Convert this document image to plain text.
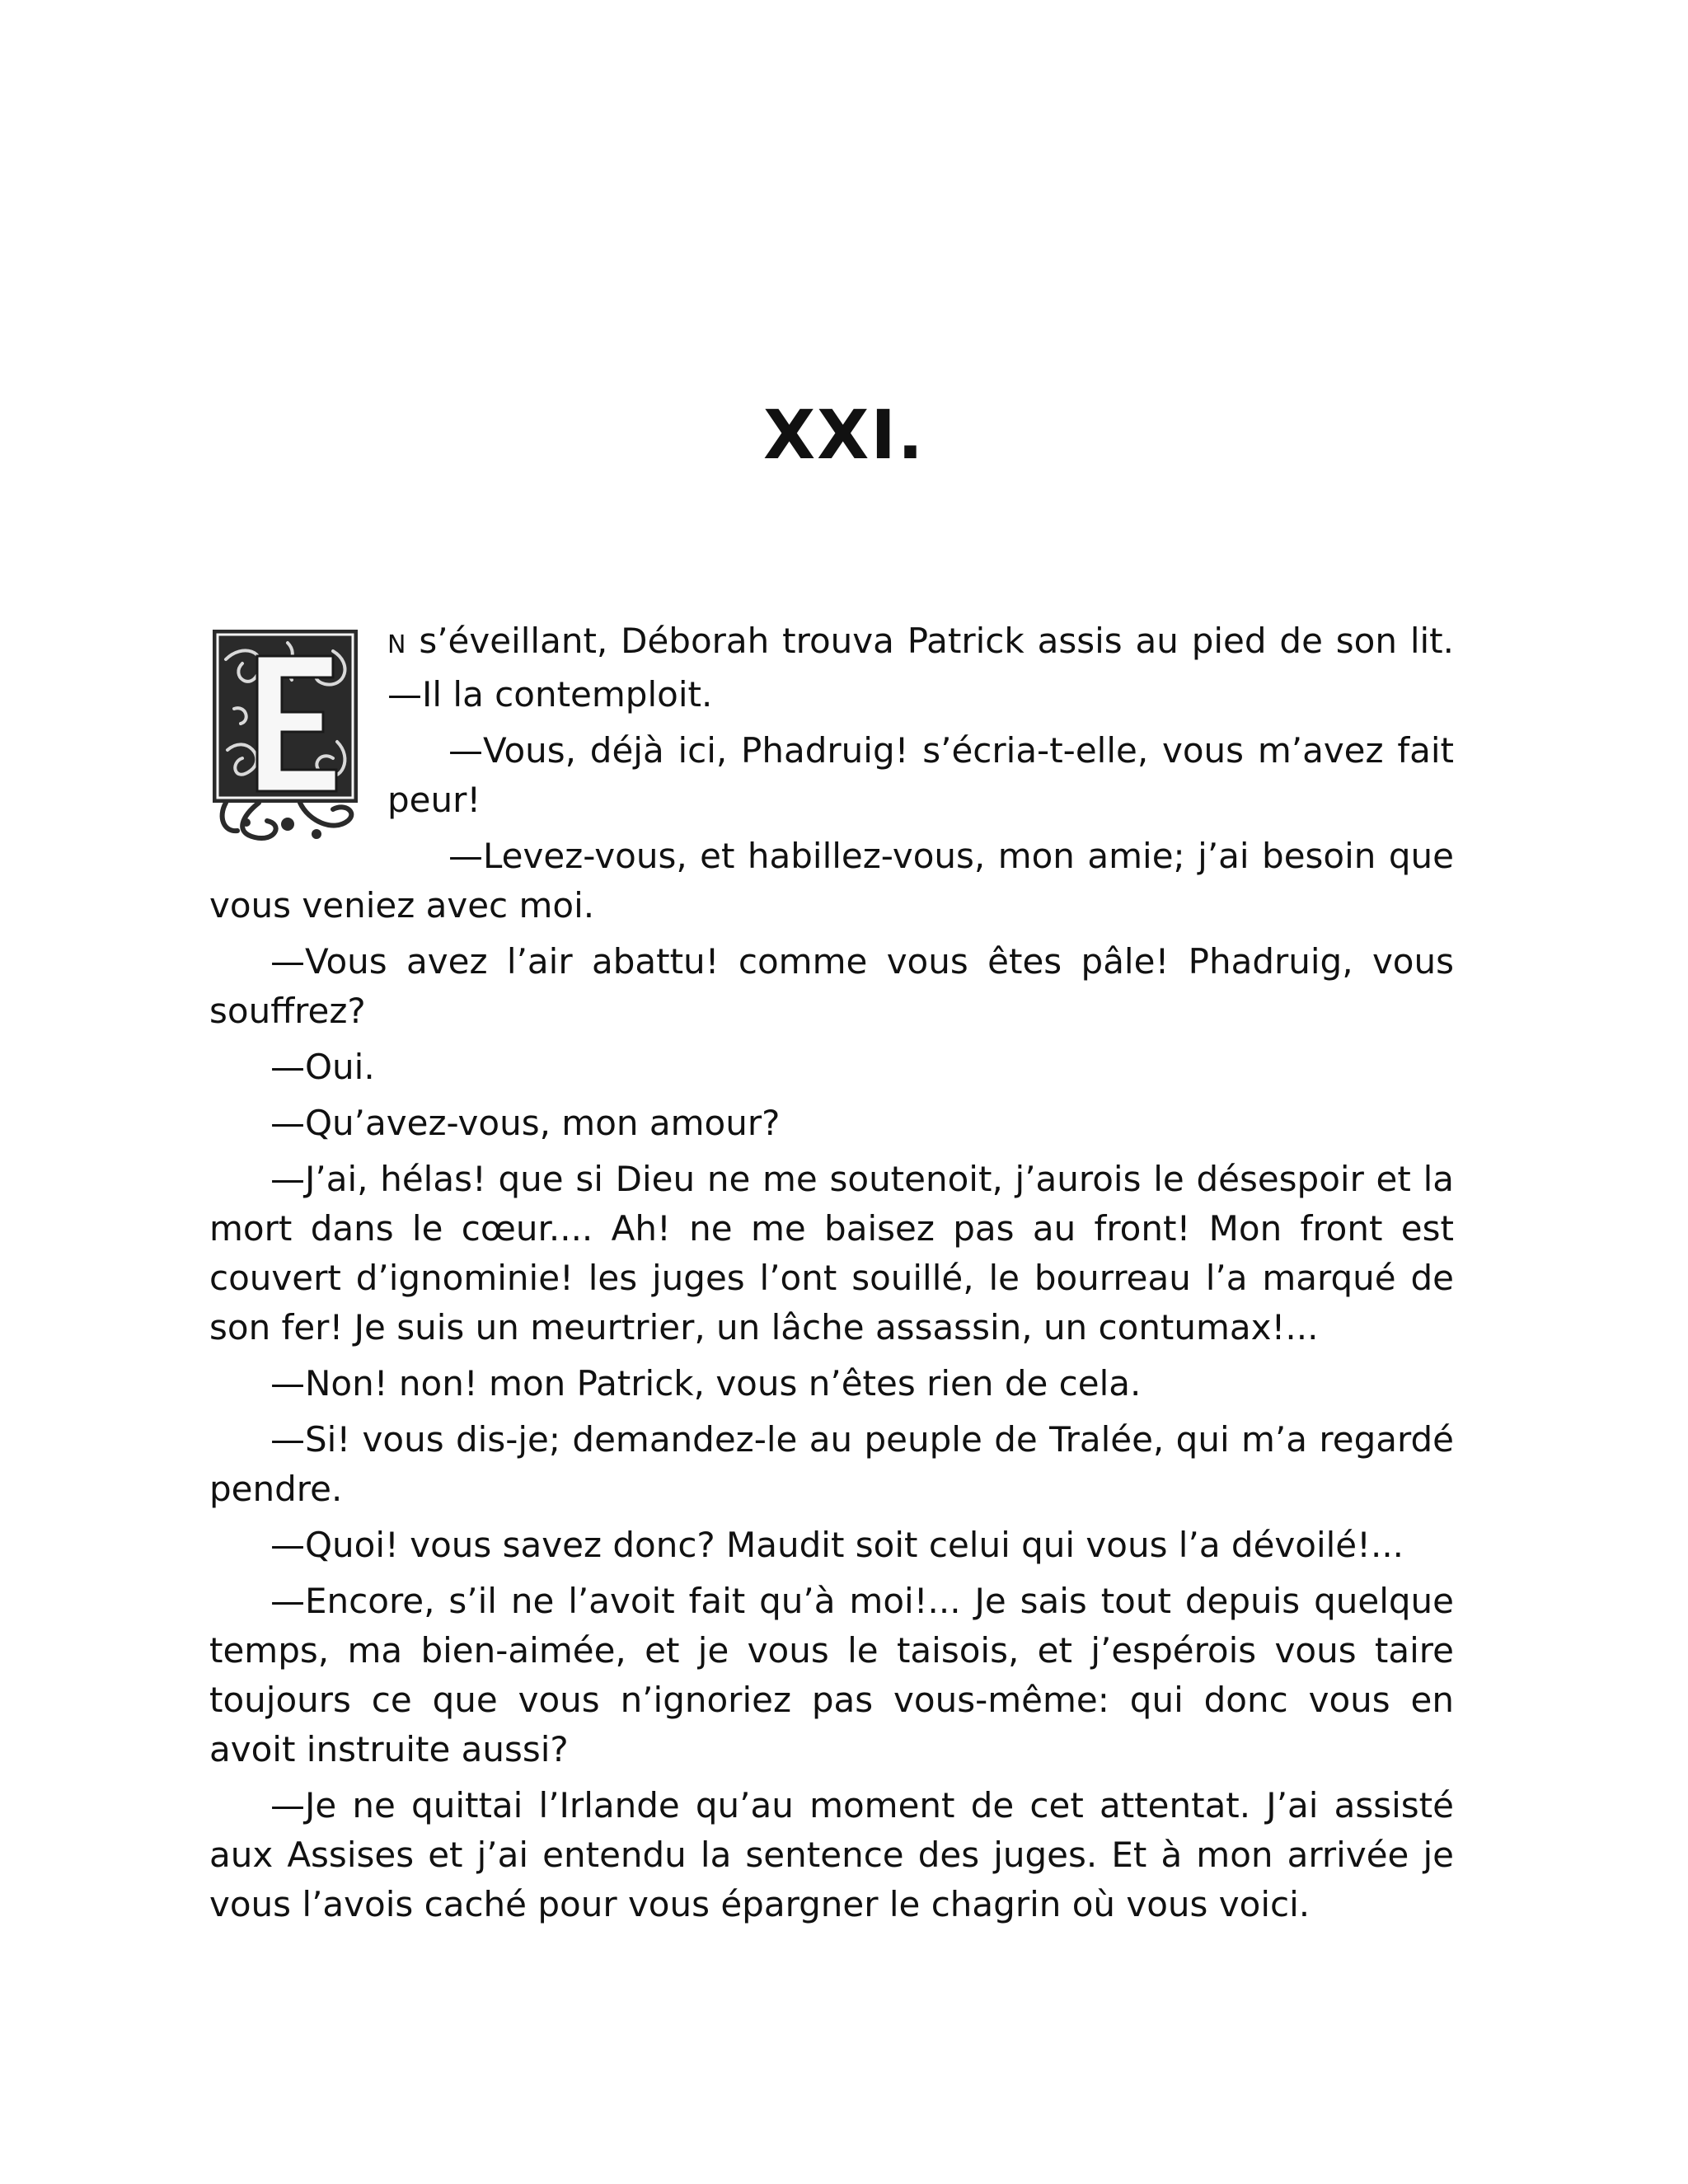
XXI.

N s’éveillant, Déborah trouva Patrick assis au pied de son lit. —Il la contemploit.

—Vous, déjà ici, Phadruig! s’écria-t-elle, vous m’avez fait peur!

—Levez-vous, et habillez-vous, mon amie; j’ai besoin que vous veniez avec moi.

—Vous avez l’air abattu! comme vous êtes pâle! Phadruig, vous souffrez?

—Oui.

—Qu’avez-vous, mon amour?

—J’ai, hélas! que si Dieu ne me soutenoit, j’aurois le désespoir et la mort dans le cœur.... Ah! ne me baisez pas au front! Mon front est couvert d’ignominie! les juges l’ont souillé, le bourreau l’a marqué de son fer! Je suis un meurtrier, un lâche assassin, un contumax!...

—Non! non! mon Patrick, vous n’êtes rien de cela.

—Si! vous dis-je; demandez-le au peuple de Tralée, qui m’a regardé pendre.

—Quoi! vous savez donc? Maudit soit celui qui vous l’a dévoilé!...

—Encore, s’il ne l’avoit fait qu’à moi!... Je sais tout depuis quelque temps, ma bien-aimée, et je vous le taisois, et j’espérois vous taire toujours ce que vous n’ignoriez pas vous-même: qui donc vous en avoit instruite aussi?

—Je ne quittai l’Irlande qu’au moment de cet attentat. J’ai assisté aux Assises et j’ai entendu la sentence des juges. Et à mon arrivée je vous l’avois caché pour vous épargner le chagrin où vous voici.
